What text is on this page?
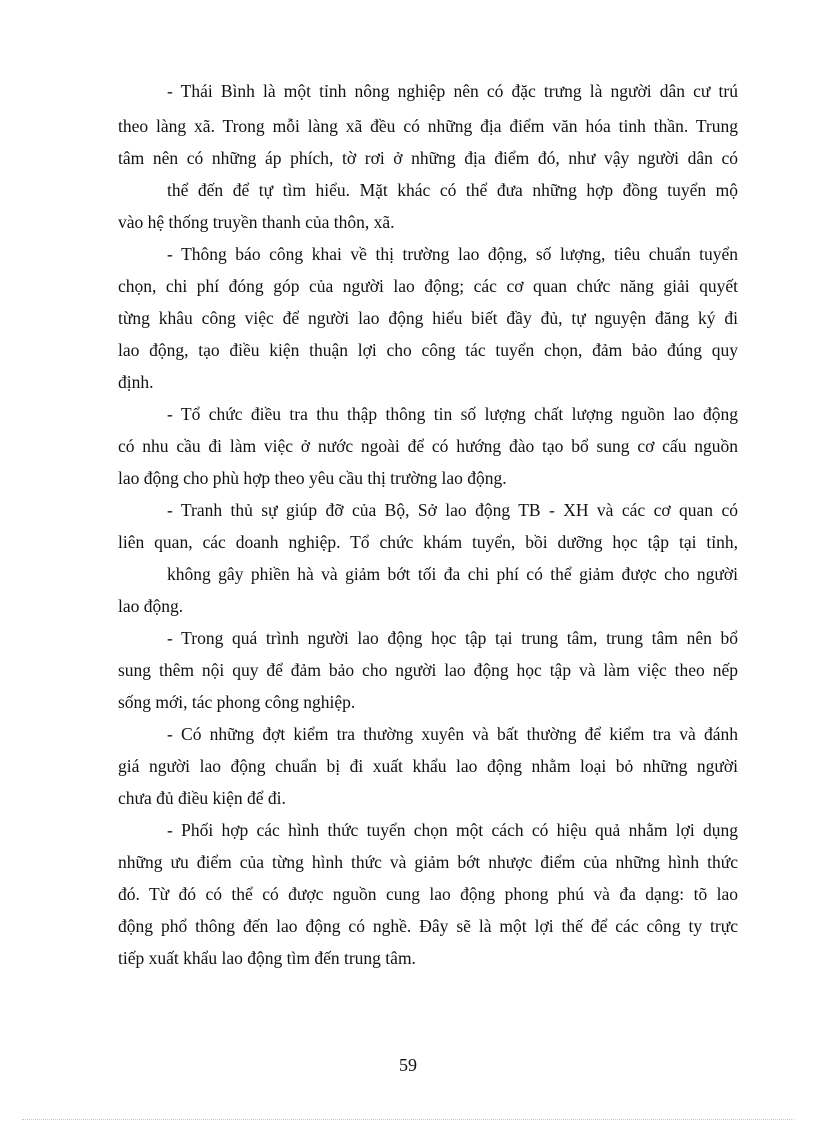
- Thái Bình là một tỉnh nông nghiệp nên có đặc trưng là người dân cư trú
theo làng xã. Trong mỗi làng xã đều có những địa điểm văn hóa tinh thần. Trung
tâm nên có những áp phích, tờ rơi ở những địa điểm đó, như vậy người dân có
thể đến để tự tìm hiểu. Mặt khác có thể đưa những hợp đồng tuyển mộ
vào hệ thống truyền thanh của thôn, xã.
- Thông báo công khai về thị trường lao động, số lượng, tiêu chuẩn tuyển
chọn, chi phí đóng góp của người lao động; các cơ quan chức năng giải quyết
từng khâu công việc để người lao động hiểu biết đầy đủ, tự nguyện đăng ký đi
lao động, tạo điều kiện thuận lợi cho công tác tuyển chọn, đảm bảo đúng quy
định.
- Tổ chức điều tra thu thập thông tin số lượng chất lượng nguồn lao động
có nhu cầu đi làm việc ở nước ngoài để có hướng đào tạo bổ sung cơ cấu nguồn
lao động cho phù hợp theo yêu cầu thị trường lao động.
- Tranh thủ sự giúp đỡ của Bộ, Sở lao động TB - XH và các cơ quan có
liên quan, các doanh nghiệp. Tổ chức khám tuyển, bồi dưỡng học tập tại tỉnh,
không gây phiền hà và giảm bớt tối đa chi phí có thể giảm được cho người
lao động.
- Trong quá trình người lao động học tập tại trung tâm, trung tâm nên bổ
sung thêm nội quy để đảm bảo cho người lao động học tập và làm việc theo nếp
sống mới, tác phong công nghiệp.
- Có những đợt kiểm tra thường xuyên và bất thường để kiểm tra và đánh
giá người lao động chuẩn bị đi xuất khẩu lao động nhằm loại bỏ những người
chưa đủ điều kiện để đi.
- Phối hợp các hình thức tuyển chọn một cách có hiệu quả nhằm lợi dụng
những ưu điểm của từng hình thức và giảm bớt nhược điểm của những hình thức
đó. Từ đó có thể có được nguồn cung lao động phong phú và đa dạng: tõ lao
động phổ thông đến lao động có nghề. Đây sẽ là một lợi thế để các công ty trực
tiếp xuất khẩu lao động tìm đến trung tâm.
59
